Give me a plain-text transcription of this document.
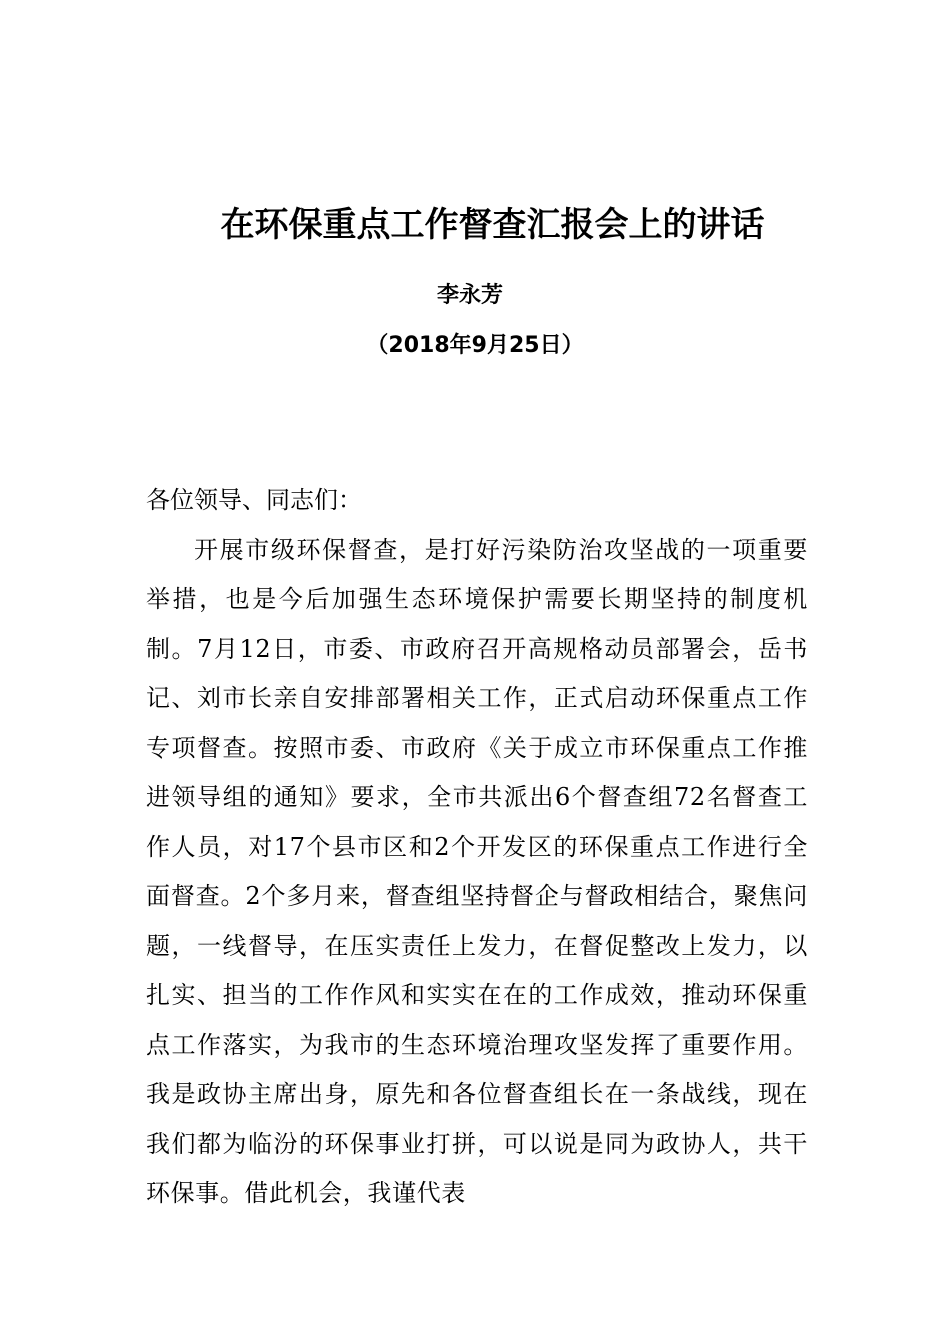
在环保重点工作督查汇报会上的讲话
李永芳
（2018年9月25日）

各位领导、同志们：

开展市级环保督查，是打好污染防治攻坚战的一项重要举措，也是今后加强生态环境保护需要长期坚持的制度机制。7月12日，市委、市政府召开高规格动员部署会，岳书记、刘市长亲自安排部署相关工作，正式启动环保重点工作专项督查。按照市委、市政府《关于成立市环保重点工作推进领导组的通知》要求，全市共派出6个督查组72名督查工作人员，对17个县市区和2个开发区的环保重点工作进行全面督查。2个多月来，督查组坚持督企与督政相结合，聚焦问题，一线督导，在压实责任上发力，在督促整改上发力，以扎实、担当的工作作风和实实在在的工作成效，推动环保重点工作落实，为我市的生态环境治理攻坚发挥了重要作用。我是政协主席出身，原先和各位督查组长在一条战线，现在我们都为临汾的环保事业打拼，可以说是同为政协人，共干环保事。借此机会，我谨代表
